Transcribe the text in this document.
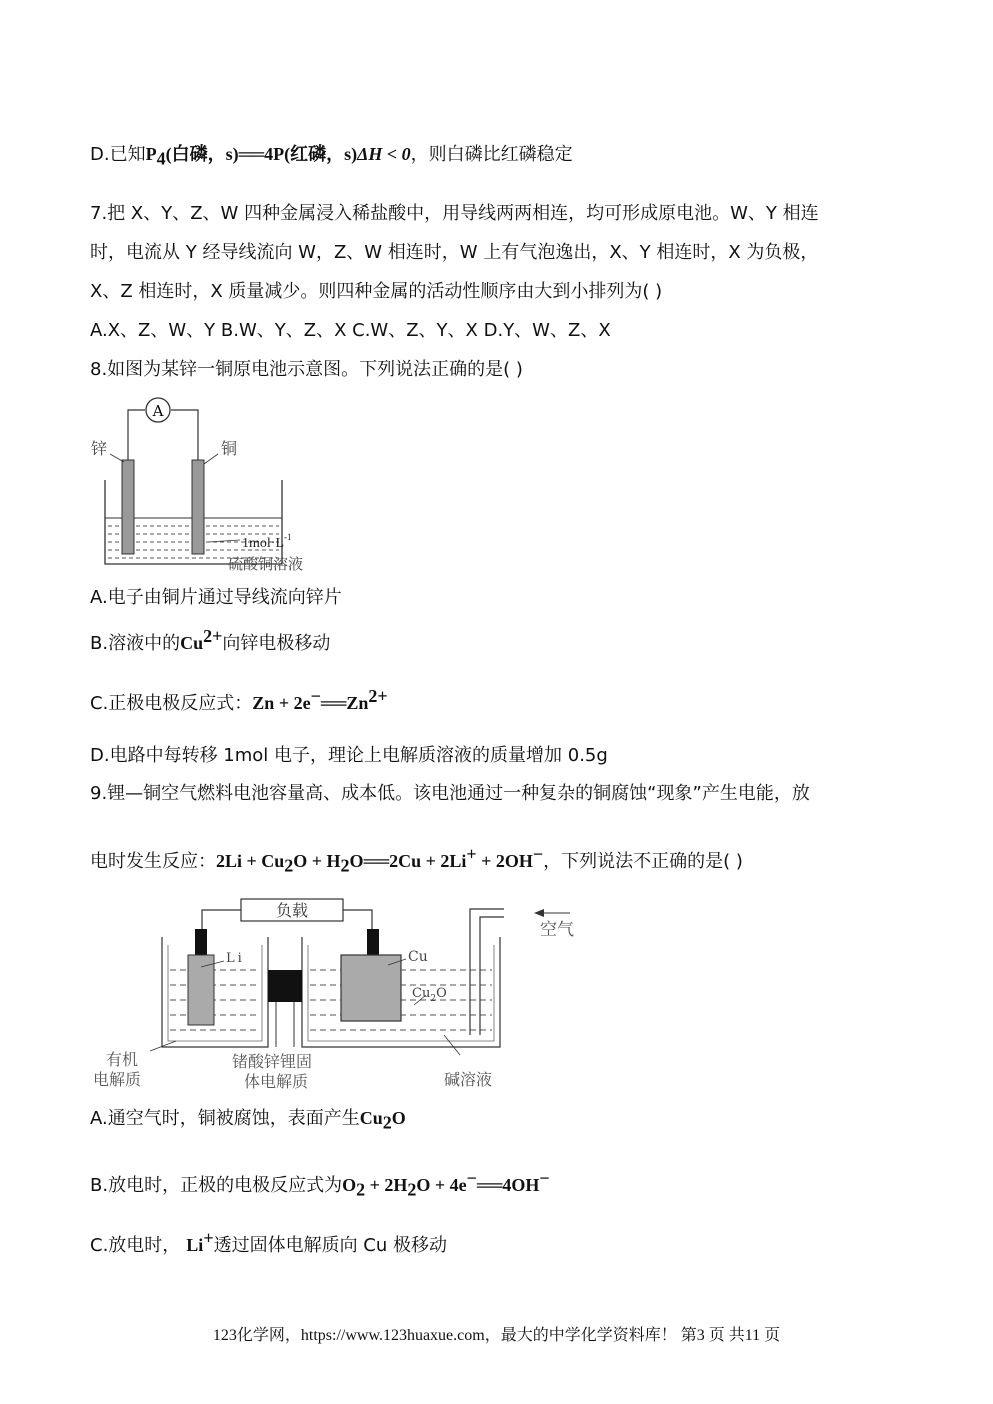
D.已知$P_4$(白磷，s)══4P(红磷，s)ΔH < 0，则白磷比红磷稳定
7.把 X、Y、Z、W 四种金属浸入稀盐酸中，用导线两两相连，均可形成原电池。W、Y 相连
时，电流从 Y 经导线流向 W，Z、W 相连时，W 上有气泡逸出，X、Y 相连时，X 为负极，
X、Z 相连时，X 质量减少。则四种金属的活动性顺序由大到小排列为( )
A.X、Z、W、Y B.W、Y、Z、X C.W、Z、Y、X D.Y、W、Z、X
8.如图为某锌一铜原电池示意图。下列说法正确的是( )
A
锌	铜
$1mol\cdot L^{-1}$
硫酸铜溶液
A.电子由铜片通过导线流向锌片
B.溶液中的$Cu^{2+}$向锌电极移动
C.正极电极反应式：$Zn + 2e^-══Zn^{2+}$
D.电路中每转移 1mol 电子，理论上电解质溶液的质量增加 0.5g
9.锂—铜空气燃料电池容量高、成本低。该电池通过一种复杂的铜腐蚀“现象”产生电能，放
电时发生反应：$2Li + Cu_2O$ + $H_2O══2Cu + 2Li^+ + 2OH^-$，下列说法不正确的是( )
负载
空气
Li	Cu
$Cu_2O$
有机
电解质
锗酸锌锂固
体电解质	碱溶液
A.通空气时，铜被腐蚀，表面产生$Cu_2O$
B.放电时，正极的电极反应式为$O_2 + 2H_2O$ + 4e−══4OH−
C.放电时， Li+透过固体电解质向 Cu 极移动
123化学网，https://www.123huaxue.com，最大的中学化学资料库！ 第3 页 共11 页
